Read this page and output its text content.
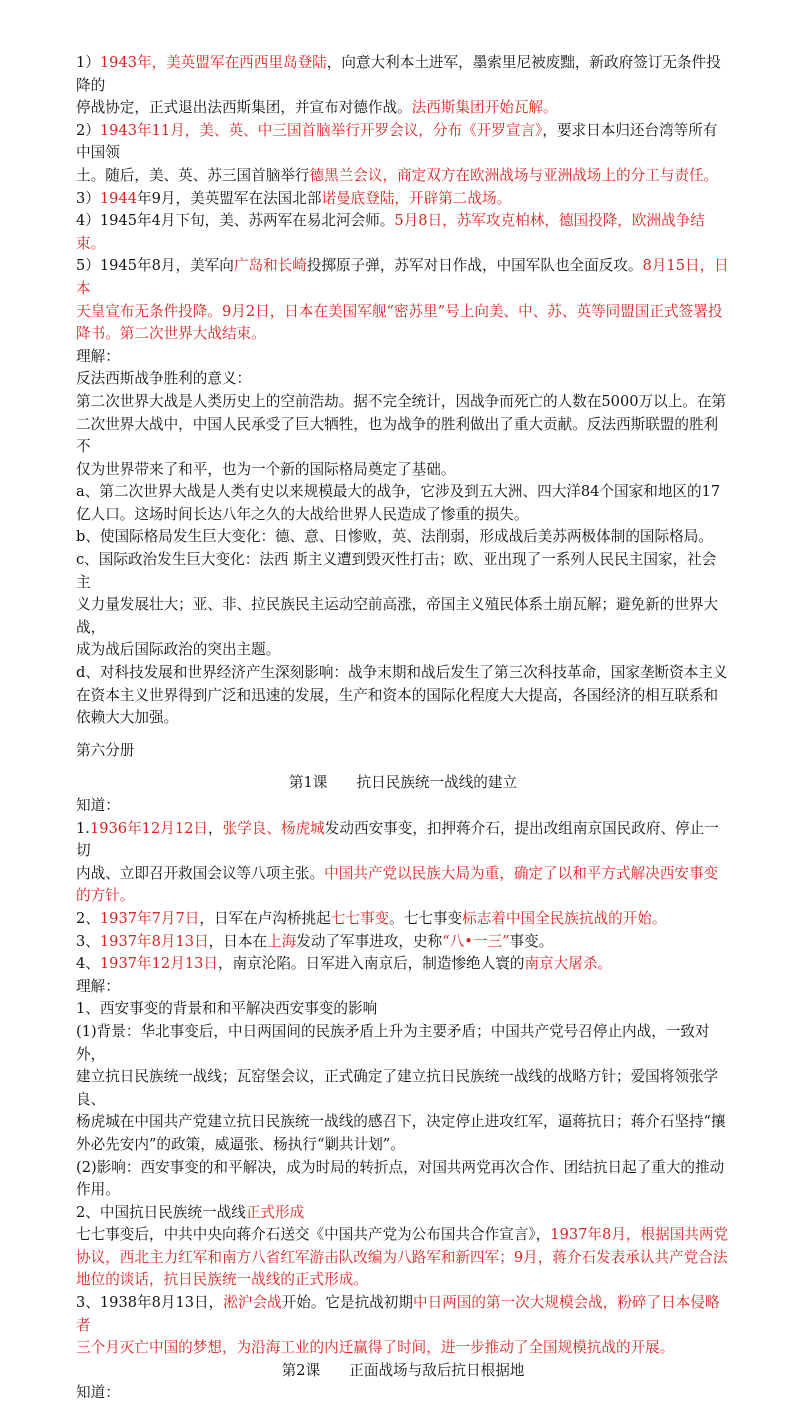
1）1943年，美英盟军在西西里岛登陆，向意大利本土进军，墨索里尼被废黜，新政府签订无条件投降的
停战协定，正式退出法西斯集团，并宣布对德作战。法西斯集团开始瓦解。
2）1943年11月，美、英、中三国首脑举行开罗会议，分布《开罗宣言》，要求日本归还台湾等所有中国领
土。随后，美、英、苏三国首脑举行德黑兰会议，商定双方在欧洲战场与亚洲战场上的分工与责任。
3）1944年9月，美英盟军在法国北部诺曼底登陆，开辟第二战场。
4）1945年4月下旬，美、苏两军在易北河会师。5月8日，苏军攻克柏林，德国投降，欧洲战争结束。
5）1945年8月，美军向广岛和长崎投掷原子弹，苏军对日作战，中国军队也全面反攻。8月15日，日本
天皇宣布无条件投降。9月2日，日本在美国军舰“密苏里”号上向美、中、苏、英等同盟国正式签署投
降书。第二次世界大战结束。
理解：
反法西斯战争胜利的意义：
第二次世界大战是人类历史上的空前浩劫。据不完全统计，因战争而死亡的人数在5000万以上。在第
二次世界大战中，中国人民承受了巨大牺牲，也为战争的胜利做出了重大贡献。反法西斯联盟的胜利不
仅为世界带来了和平，也为一个新的国际格局奠定了基础。
a、第二次世界大战是人类有史以来规模最大的战争，它涉及到五大洲、四大洋84个国家和地区的17
亿人口。这场时间长达八年之久的大战给世界人民造成了惨重的损失。
b、使国际格局发生巨大变化：德、意、日惨败，英、法削弱，形成战后美苏两极体制的国际格局。
c、国际政治发生巨大变化：法西 斯主义遭到毁灭性打击；欧、亚出现了一系列人民民主国家，社会主
义力量发展壮大；亚、非、拉民族民主运动空前高涨，帝国主义殖民体系土崩瓦解；避免新的世界大战，
成为战后国际政治的突出主题。
d、对科技发展和世界经济产生深刻影响：战争末期和战后发生了第三次科技革命，国家垄断资本主义
在资本主义世界得到广泛和迅速的发展，生产和资本的国际化程度大大提高，各国经济的相互联系和
依赖大大加强。
第六分册
第1课　　抗日民族统一战线的建立
知道：
1.1936年12月12日，张学良、杨虎城发动西安事变，扣押蒋介石，提出改组南京国民政府、停止一切
内战、立即召开救国会议等八项主张。中国共产党以民族大局为重，确定了以和平方式解决西安事变
的方针。
2、1937年7月7日，日军在卢沟桥挑起七七事变。七七事变标志着中国全民族抗战的开始。
3、1937年8月13日，日本在上海发动了军事进攻，史称“八•一三”事变。
4、1937年12月13日，南京沦陷。日军进入南京后，制造惨绝人寰的南京大屠杀。
理解：
1、西安事变的背景和和平解决西安事变的影响
(1)背景：华北事变后，中日两国间的民族矛盾上升为主要矛盾；中国共产党号召停止内战，一致对外，
建立抗日民族统一战线；瓦窑堡会议，正式确定了建立抗日民族统一战线的战略方针；爱国将领张学良、
杨虎城在中国共产党建立抗日民族统一战线的感召下，决定停止进攻红军，逼蒋抗日；蒋介石坚持“攘
外必先安内”的政策，威逼张、杨执行“剿共计划”。
(2)影响：西安事变的和平解决，成为时局的转折点，对国共两党再次合作、团结抗日起了重大的推动
作用。
2、中国抗日民族统一战线正式形成
七七事变后，中共中央向蒋介石送交《中国共产党为公布国共合作宣言》，1937年8月，根据国共两党
协议，西北主力红军和南方八省红军游击队改编为八路军和新四军；9月，蒋介石发表承认共产党合法
地位的谈话，抗日民族统一战线的正式形成。
3、1938年8月13日，淞沪会战开始。它是抗战初期中日两国的第一次大规模会战，粉碎了日本侵略者
三个月灭亡中国的梦想，为沿海工业的内迁赢得了时间，进一步推动了全国规模抗战的开展。
第2课　　正面战场与敌后抗日根据地
知道：
